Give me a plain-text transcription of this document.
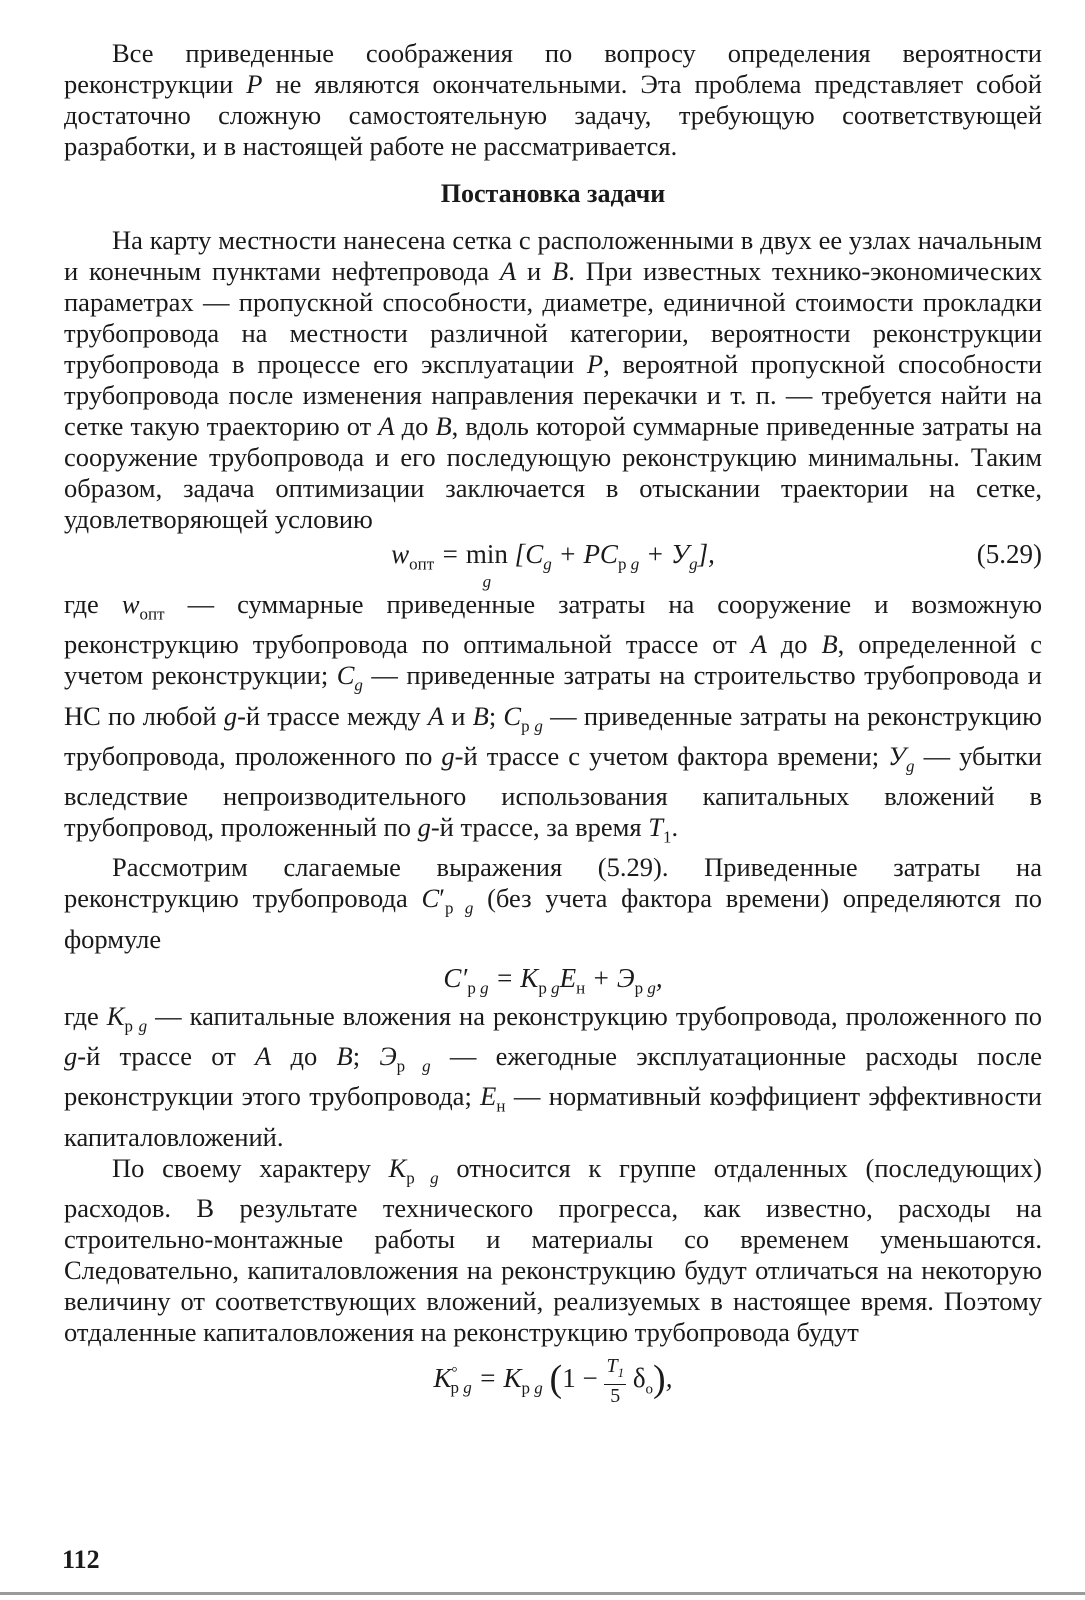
Все приведенные соображения по вопросу определения вероятности реконструкции P не являются окончательными. Эта проблема представляет собой достаточно сложную самостоятельную задачу, требующую соответствующей разработки, и в настоящей работе не рассматривается.

Постановка задачи

На карту местности нанесена сетка с расположенными в двух ее узлах начальным и конечным пунктами нефтепровода A и B. При известных технико-экономических параметрах — пропускной способности, диаметре, единичной стоимости прокладки трубопровода на местности различной категории, вероятности реконструкции трубопровода в процессе его эксплуатации P, вероятной пропускной способности трубопровода после изменения направления перекачки и т. п. — требуется найти на сетке такую траекторию от A до B, вдоль которой суммарные приведенные затраты на сооружение трубопровода и его последующую реконструкцию минимальны. Таким образом, задача оптимизации заключается в отыскании траектории на сетке, удовлетворяющей условию

$w_{опт} = \min$
g
$[C_g + PC_{р g} + У_g]$,	(5.29)

где $w_{опт}$ — суммарные приведенные затраты на сооружение и возможную реконструкцию трубопровода по оптимальной трассе от A до B, определенной с учетом реконструкции; $C_g$ — приведенные затраты на строительство трубопровода и НС по любой g-й трассе между A и B; $C_{р g}$ — приведенные затраты на реконструкцию трубопровода, проложенного по g-й трассе с учетом фактора времени; $У_g$ — убытки вследствие непроизводительного использования капитальных вложений в трубопровод, проложенный по g-й трассе, за время $T_1$.

Рассмотрим слагаемые выражения (5.29). Приведенные затраты на реконструкцию трубопровода $C'_{р g}$ (без учета фактора времени) определяются по формуле

$C'_{р g} = K_{р g}E_н + Э_{р g}$,

где $K_{р g}$ — капитальные вложения на реконструкцию трубопровода, проложенного по g-й трассе от A до B; $Э_{р g}$ — ежегодные эксплуатационные расходы после реконструкции этого трубопровода; $E_н$ — нормативный коэффициент эффективности капиталовложений.

По своему характеру $K_{р g}$ относится к группе отдаленных (последующих) расходов. В результате технического прогресса, как известно, расходы на строительно-монтажные работы и материалы со временем уменьшаются. Следовательно, капиталовложения на реконструкцию будут отличаться на некоторую величину от соответствующих вложений, реализуемых в настоящее время. Поэтому отдаленные капиталовложения на реконструкцию трубопровода будут

$K^\circ_{р g} = K_{р g}$ $(1 - \frac{T_1}{5} \delta_о)$,
112
